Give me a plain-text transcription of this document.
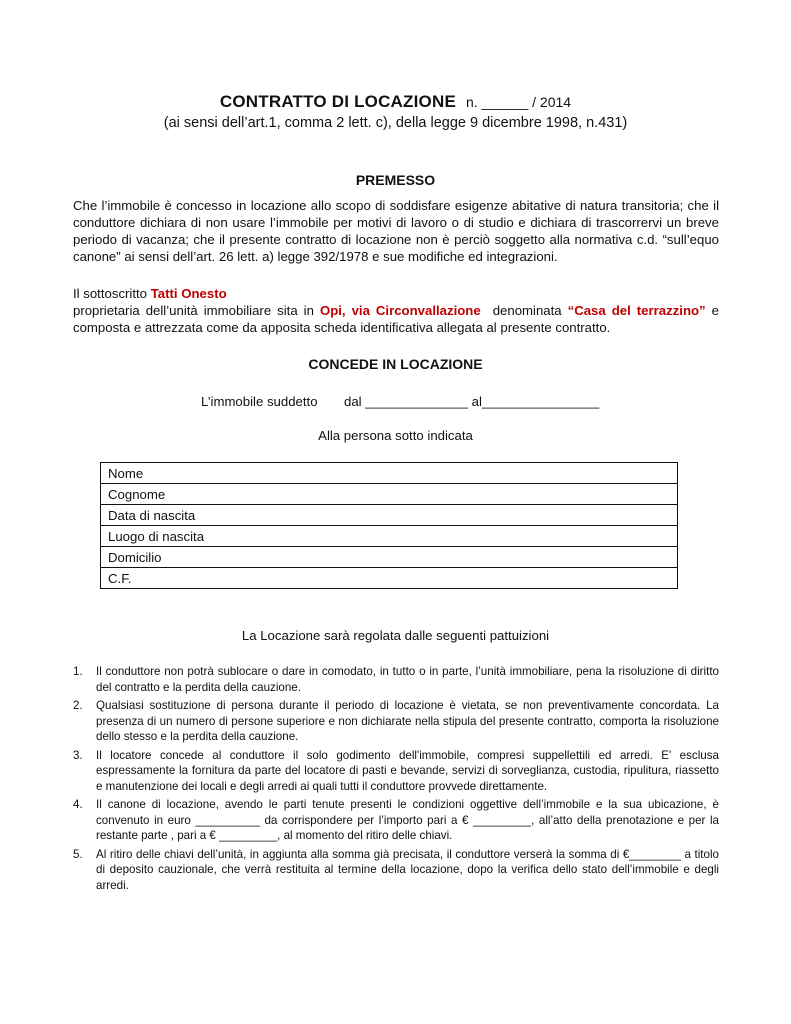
CONTRATTO DI LOCAZIONE n. ______ / 2014
(ai sensi dell’art.1, comma 2 lett. c), della legge 9 dicembre 1998, n.431)
PREMESSO
Che l’immobile è concesso in locazione allo scopo di soddisfare esigenze abitative di natura transitoria; che il conduttore dichiara di non usare l’immobile per motivi di lavoro o di studio e dichiara di trascorrervi un breve periodo di vacanza; che il presente contratto di locazione non è perciò soggetto alla normativa c.d. “sull’equo canone” ai sensi dell’art. 26 lett. a) legge 392/1978 e sue modifiche ed integrazioni.
Il sottoscritto Tatti Onesto
proprietaria dell’unità immobiliare sita in Opi, via Circonvallazione denominata “Casa del terrazzino” e composta e attrezzata come da apposita scheda identificativa allegata al presente contratto.
CONCEDE IN LOCAZIONE
L’immobile suddetto dal ______________ al________________
Alla persona sotto indicata
Nome
Cognome
Data di nascita
Luogo di nascita
Domicilio
C.F.
La Locazione sarà regolata dalle seguenti pattuizioni
1. Il conduttore non potrà sublocare o dare in comodato, in tutto o in parte, l’unità immobiliare, pena la risoluzione di diritto del contratto e la perdita della cauzione.
2. Qualsiasi sostituzione di persona durante il periodo di locazione è vietata, se non preventivamente concordata. La presenza di un numero di persone superiore e non dichiarate nella stipula del presente contratto, comporta la risoluzione dello stesso e la perdita della cauzione.
3. Il locatore concede al conduttore il solo godimento dell'immobile, compresi suppellettili ed arredi. E' esclusa espressamente la fornitura da parte del locatore di pasti e bevande, servizi di sorveglianza, custodia, ripulitura, riassetto e manutenzione dei locali e degli arredi ai quali tutti il conduttore provvede direttamente.
4. Il canone di locazione, avendo le parti tenute presenti le condizioni oggettive dell’immobile e la sua ubicazione, è convenuto in euro __________ da corrispondere per l’importo pari a € _________, all’atto della prenotazione e per la restante parte , pari a € _________, al momento del ritiro delle chiavi.
5. Al ritiro delle chiavi dell’unità, in aggiunta alla somma già precisata, il conduttore verserà la somma di €________ a titolo di deposito cauzionale, che verrà restituita al termine della locazione, dopo la verifica dello stato dell’immobile e degli arredi.
